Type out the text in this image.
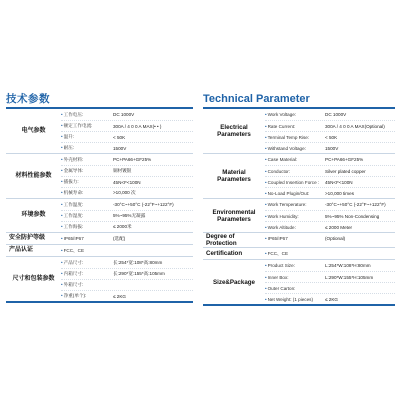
技术参数
电气参数
•工作电压:	DC 1000V
•额定工作电流:	300A / 4 0 0 A MAX(• • )
•温升:	< 50K
•耐压:	1500V
材料性能参数
•外壳材料:	PC+PA66+GF25%
•金属导体:	铜材镀银
•插拔力:	45N<F<100N
•机械寿命:	>10,000 次
环境参数
•工作温度:	-30°C~+50°C (-22°F~+122°F)
•工作湿度:	5%~95%无凝露
•工作海拔:	≤ 2000米
安全防护等级	•IP65/IP67	(选配)
产品认证	•FCC、CE
尺寸和包装参数
•产品尺寸:	长:254*宽:108*高:80mm
•内箱尺寸:	长:290*宽:155*高:105mm
•外箱尺寸:
•净重(单个):	≤ 2KG
Technical Parameter
Electrical Parameters
•Work Voltage:	DC 1000V
•Rate Current:	300A / 4 0 0 A MAX(Optional)
•Terminal Temp Rise:	< 50K
•Withstand Voltage:	1500V
Material Parameters
•Case Material:	PC+PA66+GF25%
•Conductor:	Silver plated copper
•Coupled Insertion Force :	45N<F<100N
•No-Load Plugin/Out:	>10,000 times
Environmental Parameters
•Work Temperature:	-30°C~+50°C (-22°F~+122°F)
•Work Humidity:	5%~95% Non-Condensing
•Work Altitude:	≤ 2000 Meter
Degree of Protection
•IP65/IP67	(Optional)
Certification	•FCC、CE
Size&Package
•Product Size:	L:254*W:108*H:80mm
•Inner Box:	L:290*W:155*H:105mm
•Outer Carton:
•Net Weight: (1 pieces)	≤ 2KG
